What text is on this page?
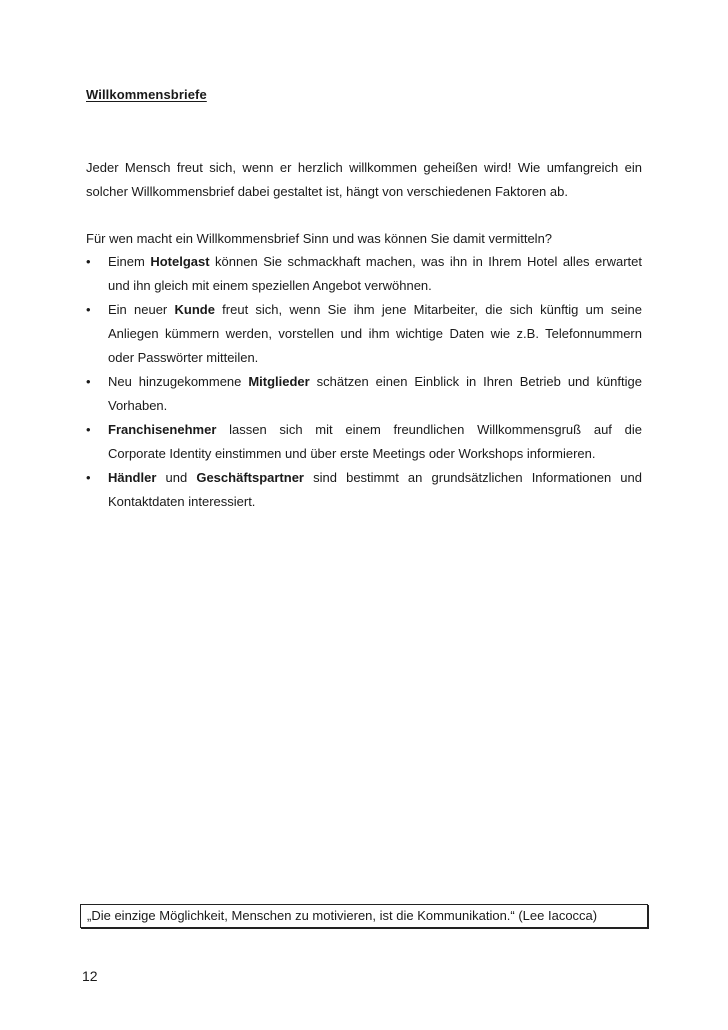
Willkommensbriefe
Jeder Mensch freut sich, wenn er herzlich willkommen geheißen wird! Wie umfangreich ein
solcher Willkommensbrief dabei gestaltet ist, hängt von verschiedenen Faktoren ab.
Für wen macht ein Willkommensbrief Sinn und was können Sie damit vermitteln?
•	Einem Hotelgast können Sie schmackhaft machen, was ihn in Ihrem Hotel alles erwartet
und ihn gleich mit einem speziellen Angebot verwöhnen.
•	Ein neuer Kunde freut sich, wenn Sie ihm jene Mitarbeiter, die sich künftig um seine
Anliegen kümmern werden, vorstellen und ihm wichtige Daten wie z.B. Telefonnummern
oder Passwörter mitteilen.
•	Neu hinzugekommene Mitglieder schätzen einen Einblick in Ihren Betrieb und künftige
Vorhaben.
•	Franchisenehmer lassen sich mit einem freundlichen Willkommensgruß auf die
Corporate Identity einstimmen und über erste Meetings oder Workshops informieren.
•	Händler und Geschäftspartner sind bestimmt an grundsätzlichen Informationen und
Kontaktdaten interessiert.
„Die einzige Möglichkeit, Menschen zu motivieren, ist die Kommunikation.“ (Lee Iacocca)
12
